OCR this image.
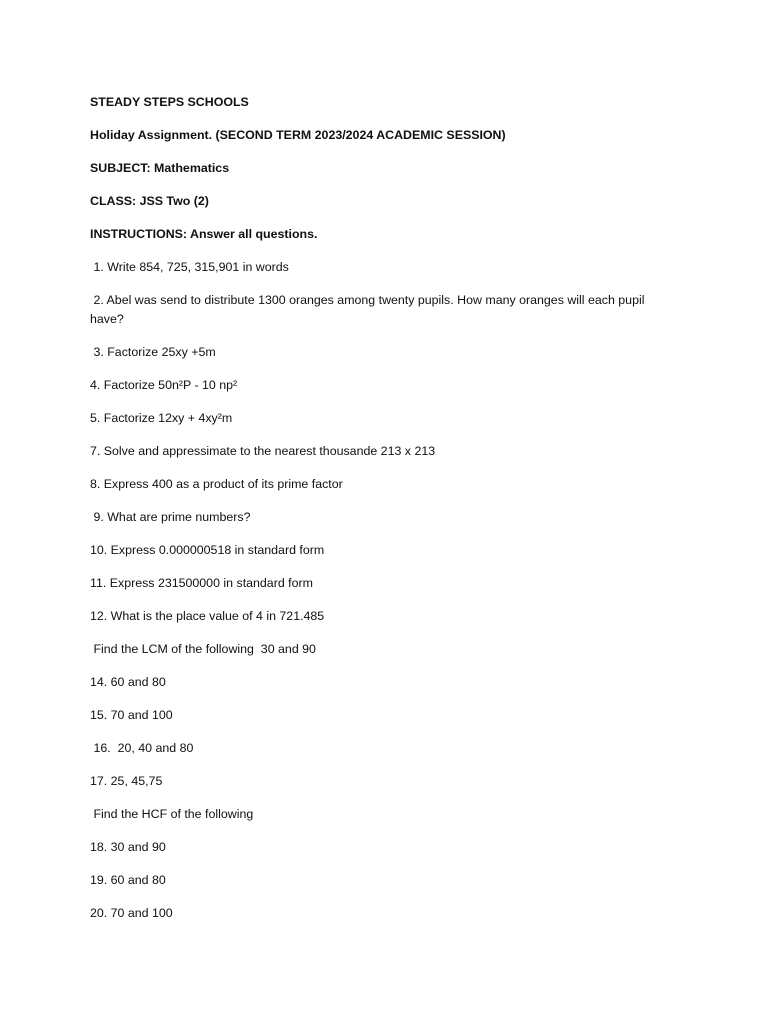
STEADY STEPS SCHOOLS

Holiday Assignment. (SECOND TERM 2023/2024 ACADEMIC SESSION)

SUBJECT: Mathematics

CLASS: JSS Two (2)

INSTRUCTIONS: Answer all questions.

1. Write 854, 725, 315,901 in words

2. Abel was send to distribute 1300 oranges among twenty pupils. How many oranges will each pupil have?

3. Factorize 25xy +5m

4. Factorize 50n²P - 10 np²

5. Factorize 12xy + 4xy²m

7. Solve and appressimate to the nearest thousande 213 x 213

8. Express 400 as a product of its prime factor

9. What are prime numbers?

10. Express 0.000000518 in standard form

11. Express 231500000 in standard form

12. What is the place value of 4 in 721.485

Find the LCM of the following  30 and 90

14. 60 and 80

15. 70 and 100

16.  20, 40 and 80

17. 25, 45,75

Find the HCF of the following

18. 30 and 90

19. 60 and 80

20. 70 and 100
